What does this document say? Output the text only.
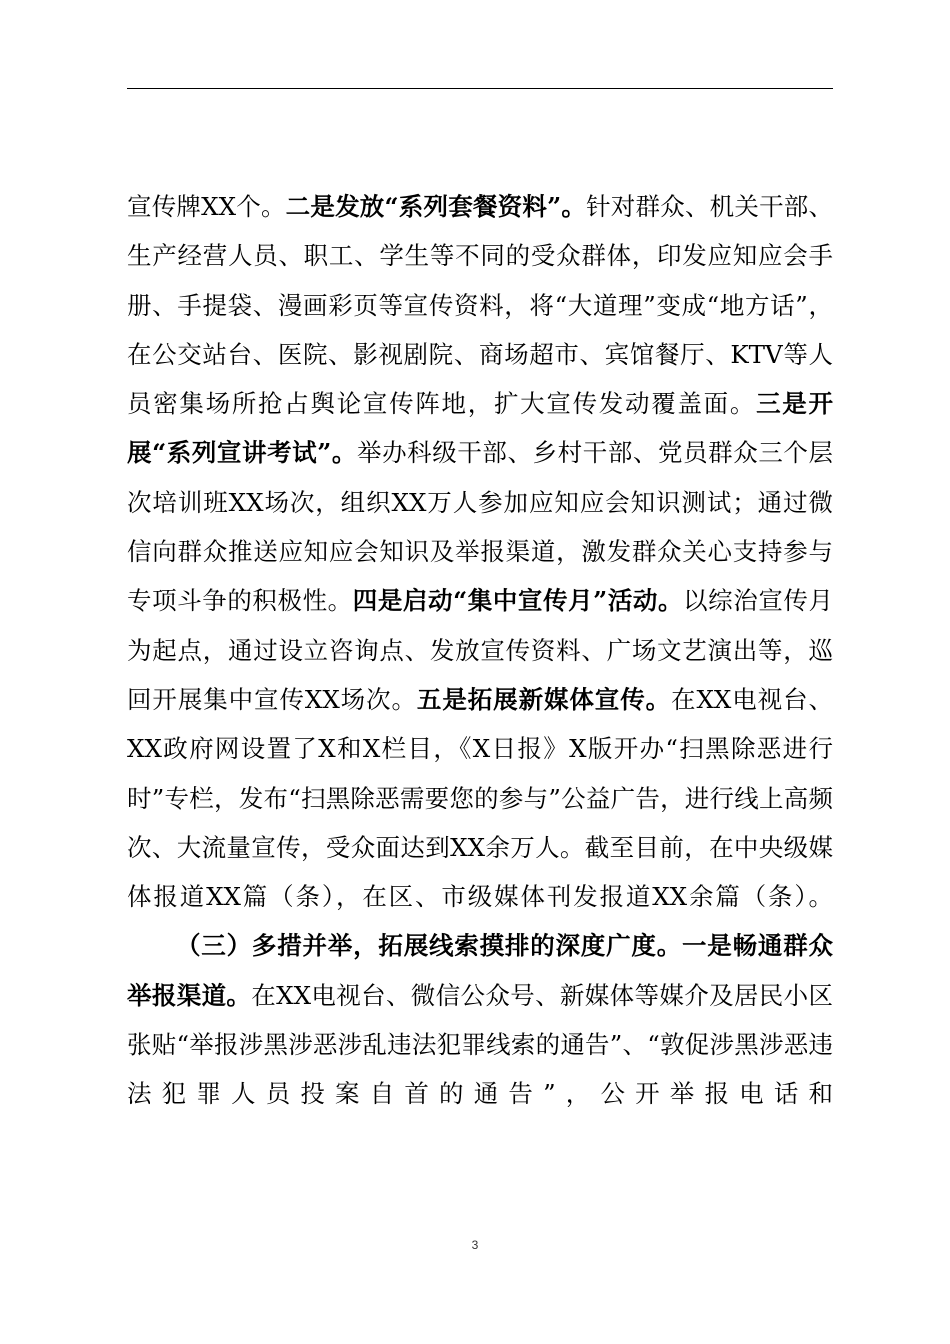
宣传牌XX个。二是发放“系列套餐资料”。针对群众、机关干部、生产经营人员、职工、学生等不同的受众群体，印发应知应会手册、手提袋、漫画彩页等宣传资料，将“大道理”变成“地方话”，在公交站台、医院、影视剧院、商场超市、宾馆餐厅、KTV等人员密集场所抢占舆论宣传阵地，扩大宣传发动覆盖面。三是开展“系列宣讲考试”。举办科级干部、乡村干部、党员群众三个层次培训班XX场次，组织XX万人参加应知应会知识测试；通过微信向群众推送应知应会知识及举报渠道，激发群众关心支持参与专项斗争的积极性。四是启动“集中宣传月”活动。以综治宣传月为起点，通过设立咨询点、发放宣传资料、广场文艺演出等，巡回开展集中宣传XX场次。五是拓展新媒体宣传。在XX电视台、XX政府网设置了X和X栏目，《X日报》X版开办“扫黑除恶进行时”专栏，发布“扫黑除恶需要您的参与”公益广告，进行线上高频次、大流量宣传，受众面达到XX余万人。截至目前，在中央级媒体报道XX篇（条），在区、市级媒体刊发报道XX余篇（条）。

（三）多措并举，拓展线索摸排的深度广度。一是畅通群众举报渠道。在XX电视台、微信公众号、新媒体等媒介及居民小区张贴“举报涉黑涉恶涉乱违法犯罪线索的通告”、“敦促涉黑涉恶违法犯罪人员投案自首的通告”，公开举报电话和

3
